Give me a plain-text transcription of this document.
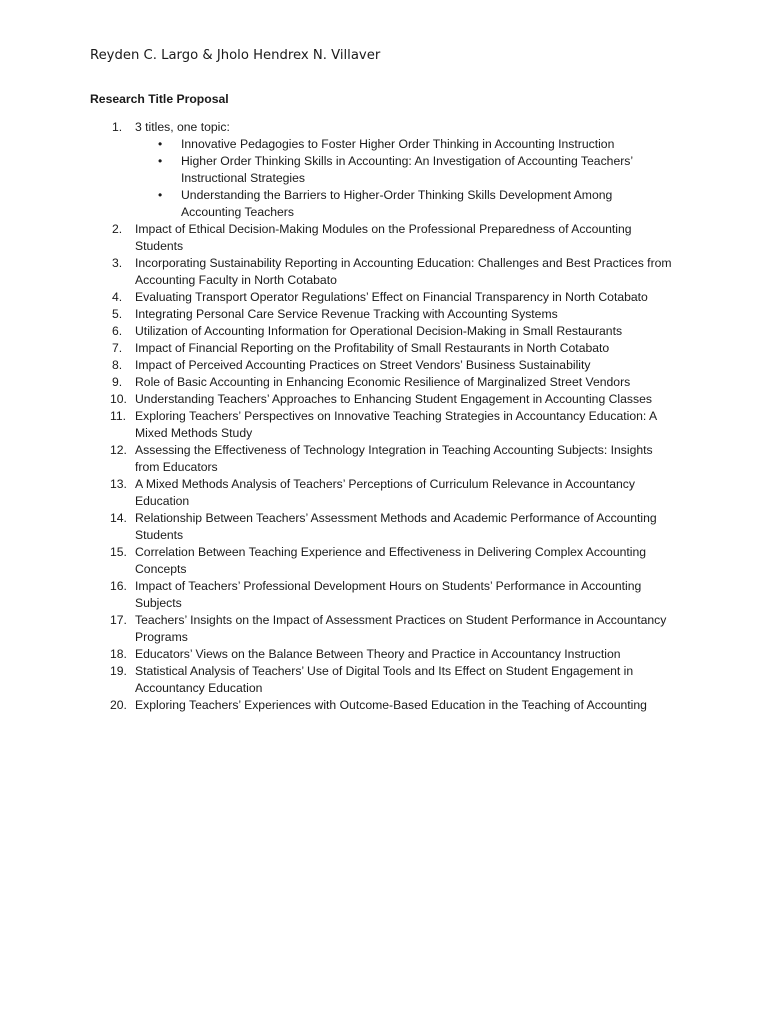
Reyden C. Largo & Jholo Hendrex N. Villaver
Research Title Proposal
1. 3 titles, one topic:
• Innovative Pedagogies to Foster Higher Order Thinking in Accounting Instruction
• Higher Order Thinking Skills in Accounting: An Investigation of Accounting Teachers’ Instructional Strategies
• Understanding the Barriers to Higher-Order Thinking Skills Development Among Accounting Teachers
2. Impact of Ethical Decision-Making Modules on the Professional Preparedness of Accounting Students
3. Incorporating Sustainability Reporting in Accounting Education: Challenges and Best Practices from Accounting Faculty in North Cotabato
4. Evaluating Transport Operator Regulations’ Effect on Financial Transparency in North Cotabato
5. Integrating Personal Care Service Revenue Tracking with Accounting Systems
6. Utilization of Accounting Information for Operational Decision-Making in Small Restaurants
7. Impact of Financial Reporting on the Profitability of Small Restaurants in North Cotabato
8. Impact of Perceived Accounting Practices on Street Vendors’ Business Sustainability
9. Role of Basic Accounting in Enhancing Economic Resilience of Marginalized Street Vendors
10. Understanding Teachers’ Approaches to Enhancing Student Engagement in Accounting Classes
11. Exploring Teachers’ Perspectives on Innovative Teaching Strategies in Accountancy Education: A Mixed Methods Study
12. Assessing the Effectiveness of Technology Integration in Teaching Accounting Subjects: Insights from Educators
13. A Mixed Methods Analysis of Teachers’ Perceptions of Curriculum Relevance in Accountancy Education
14. Relationship Between Teachers’ Assessment Methods and Academic Performance of Accounting Students
15. Correlation Between Teaching Experience and Effectiveness in Delivering Complex Accounting Concepts
16. Impact of Teachers’ Professional Development Hours on Students’ Performance in Accounting Subjects
17. Teachers’ Insights on the Impact of Assessment Practices on Student Performance in Accountancy Programs
18. Educators’ Views on the Balance Between Theory and Practice in Accountancy Instruction
19. Statistical Analysis of Teachers’ Use of Digital Tools and Its Effect on Student Engagement in Accountancy Education
20. Exploring Teachers’ Experiences with Outcome-Based Education in the Teaching of Accounting
